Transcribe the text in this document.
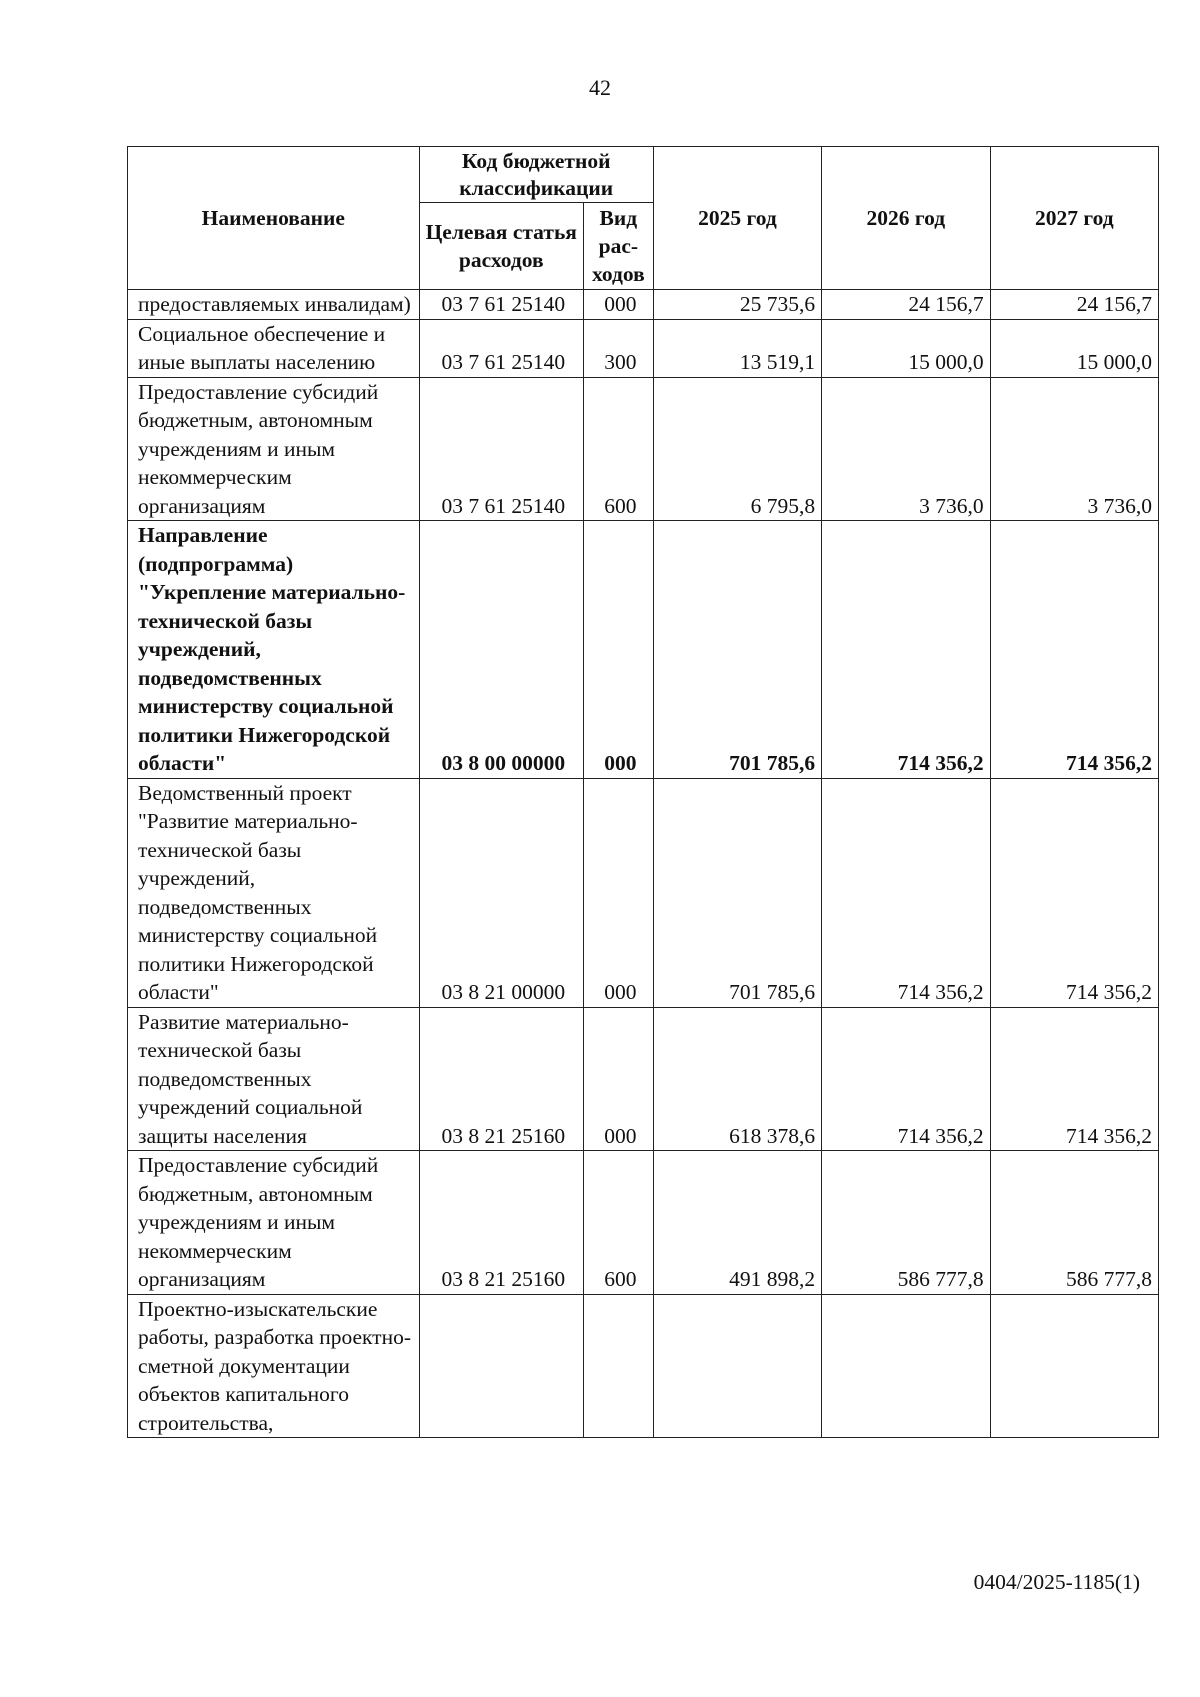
42
Наименование	Код бюджетной классификации		2025 год	2026 год	2027 год
	Целевая статья расходов	Вид рас-ходов			
предоставляемых инвалидам)	03 7 61 25140	000	25 735,6	24 156,7	24 156,7
Социальное обеспечение и иные выплаты населению	03 7 61 25140	300	13 519,1	15 000,0	15 000,0
Предоставление субсидий бюджетным, автономным учреждениям и иным некоммерческим организациям	03 7 61 25140	600	6 795,8	3 736,0	3 736,0
Направление (подпрограмма) "Укрепление материально-технической базы учреждений, подведомственных министерству социальной политики Нижегородской области"	03 8 00 00000	000	701 785,6	714 356,2	714 356,2
Ведомственный проект "Развитие материально-технической базы учреждений, подведомственных министерству социальной политики Нижегородской области"	03 8 21 00000	000	701 785,6	714 356,2	714 356,2
Развитие материально-технической базы подведомственных учреждений социальной защиты населения	03 8 21 25160	000	618 378,6	714 356,2	714 356,2
Предоставление субсидий бюджетным, автономным учреждениям и иным некоммерческим организациям	03 8 21 25160	600	491 898,2	586 777,8	586 777,8
Проектно-изыскательские работы, разработка проектно-сметной документации объектов капитального строительства,					
0404/2025-1185(1)
